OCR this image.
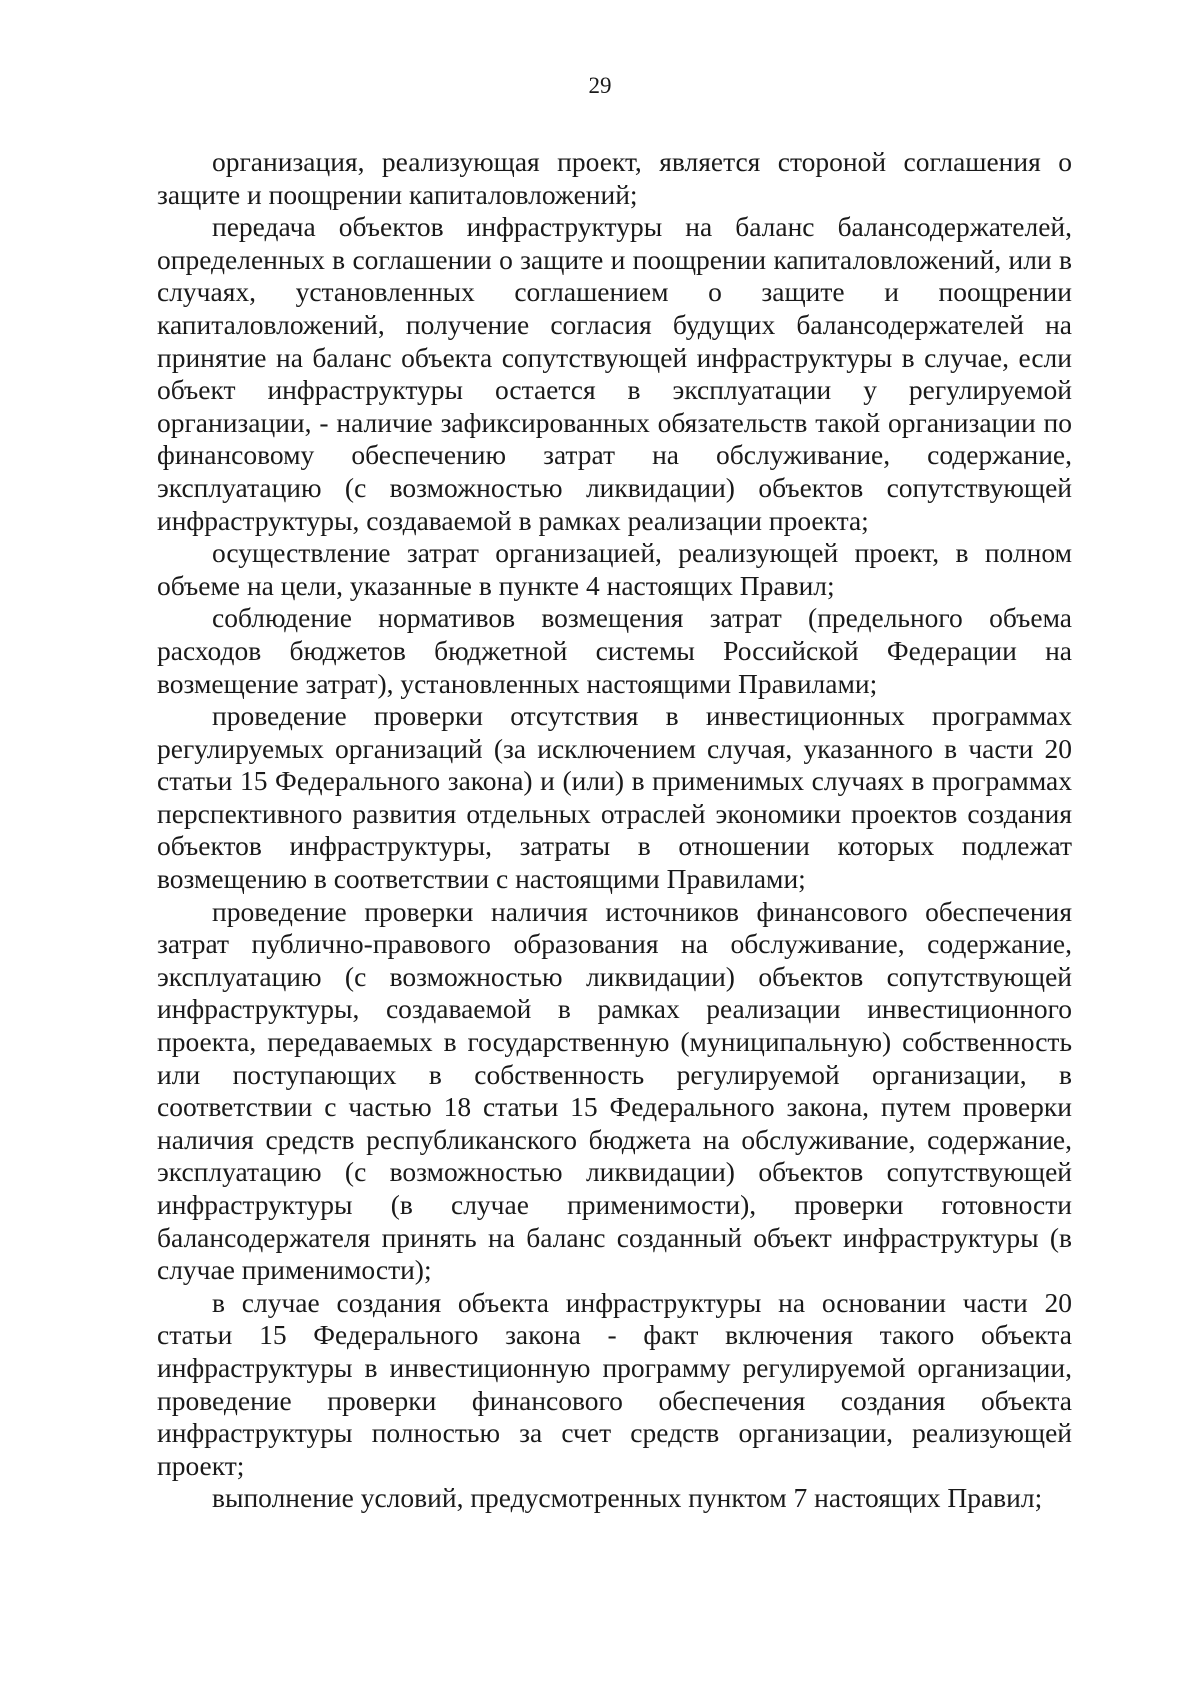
29

организация, реализующая проект, является стороной соглашения о защите и поощрении капиталовложений;

передача объектов инфраструктуры на баланс балансодержателей, определенных в соглашении о защите и поощрении капиталовложений, или в случаях, установленных соглашением о защите и поощрении капиталовложений, получение согласия будущих балансодержателей на принятие на баланс объекта сопутствующей инфраструктуры в случае, если объект инфраструктуры остается в эксплуатации у регулируемой организации, - наличие зафиксированных обязательств такой организации по финансовому обеспечению затрат на обслуживание, содержание, эксплуатацию (с возможностью ликвидации) объектов сопутствующей инфраструктуры, создаваемой в рамках реализации проекта;

осуществление затрат организацией, реализующей проект, в полном объеме на цели, указанные в пункте 4 настоящих Правил;

соблюдение нормативов возмещения затрат (предельного объема расходов бюджетов бюджетной системы Российской Федерации на возмещение затрат), установленных настоящими Правилами;

проведение проверки отсутствия в инвестиционных программах регулируемых организаций (за исключением случая, указанного в части 20 статьи 15 Федерального закона) и (или) в применимых случаях в программах перспективного развития отдельных отраслей экономики проектов создания объектов инфраструктуры, затраты в отношении которых подлежат возмещению в соответствии с настоящими Правилами;

проведение проверки наличия источников финансового обеспечения затрат публично-правового образования на обслуживание, содержание, эксплуатацию (с возможностью ликвидации) объектов сопутствующей инфраструктуры, создаваемой в рамках реализации инвестиционного проекта, передаваемых в государственную (муниципальную) собственность или поступающих в собственность регулируемой организации, в соответствии с частью 18 статьи 15 Федерального закона, путем проверки наличия средств республиканского бюджета на обслуживание, содержание, эксплуатацию (с возможностью ликвидации) объектов сопутствующей инфраструктуры (в случае применимости), проверки готовности балансодержателя принять на баланс созданный объект инфраструктуры (в случае применимости);

в случае создания объекта инфраструктуры на основании части 20 статьи 15 Федерального закона - факт включения такого объекта инфраструктуры в инвестиционную программу регулируемой организации, проведение проверки финансового обеспечения создания объекта инфраструктуры полностью за счет средств организации, реализующей проект;

выполнение условий, предусмотренных пунктом 7 настоящих Правил;
